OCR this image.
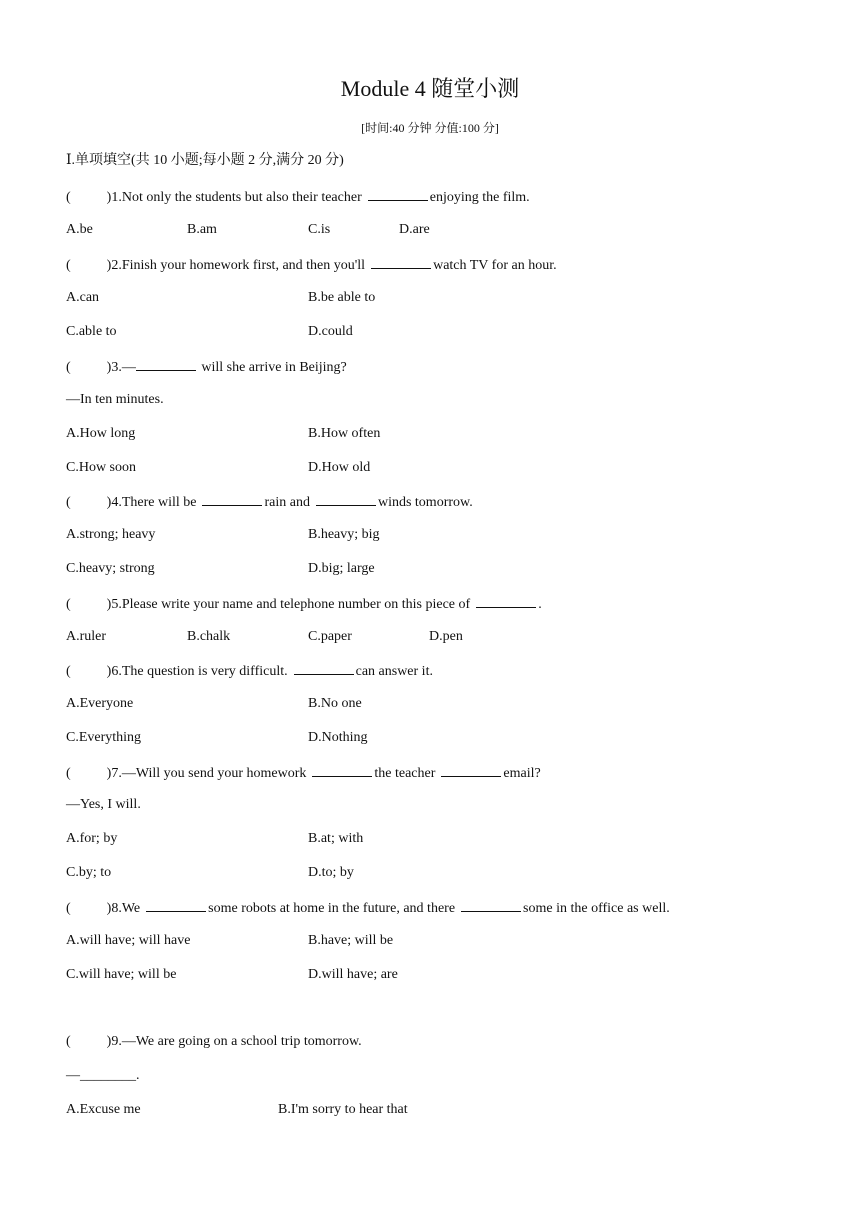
Module 4 随堂小测
[时间:40 分钟 分值:100 分]
Ⅰ.单项填空(共 10 小题;每小题 2 分,满分 20 分)
(	)1.Not only the students but also their teacher	enjoying the film.
A.be	B.am	C.is	D.are
(	)2.Finish your homework first, and then you'll	watch TV for an hour.
A.can	B.be able to
C.able to	D.could
(	)3.—	will she arrive in Beijing?
—In ten minutes.
A.How long	B.How often
C.How soon	D.How old
(	)4.There will be	rain and	winds tomorrow.
A.strong; heavy	B.heavy; big
C.heavy; strong	D.big; large
(	)5.Please write your name and telephone number on this piece of	.
A.ruler	B.chalk	C.paper	D.pen
(	)6.The question is very difficult.	can answer it.
A.Everyone	B.No one
C.Everything	D.Nothing
(	)7.—Will you send your homework	the teacher	email?
—Yes, I will.
A.for; by	B.at; with
C.by; to	D.to; by
(	)8.We	some robots at home in the future, and there	some in the office as well.
A.will have; will have	B.have; will be
C.will have; will be	D.will have; are
(	)9.—We are going on a school trip tomorrow.
—________.
A.Excuse me	B.I'm sorry to hear that
